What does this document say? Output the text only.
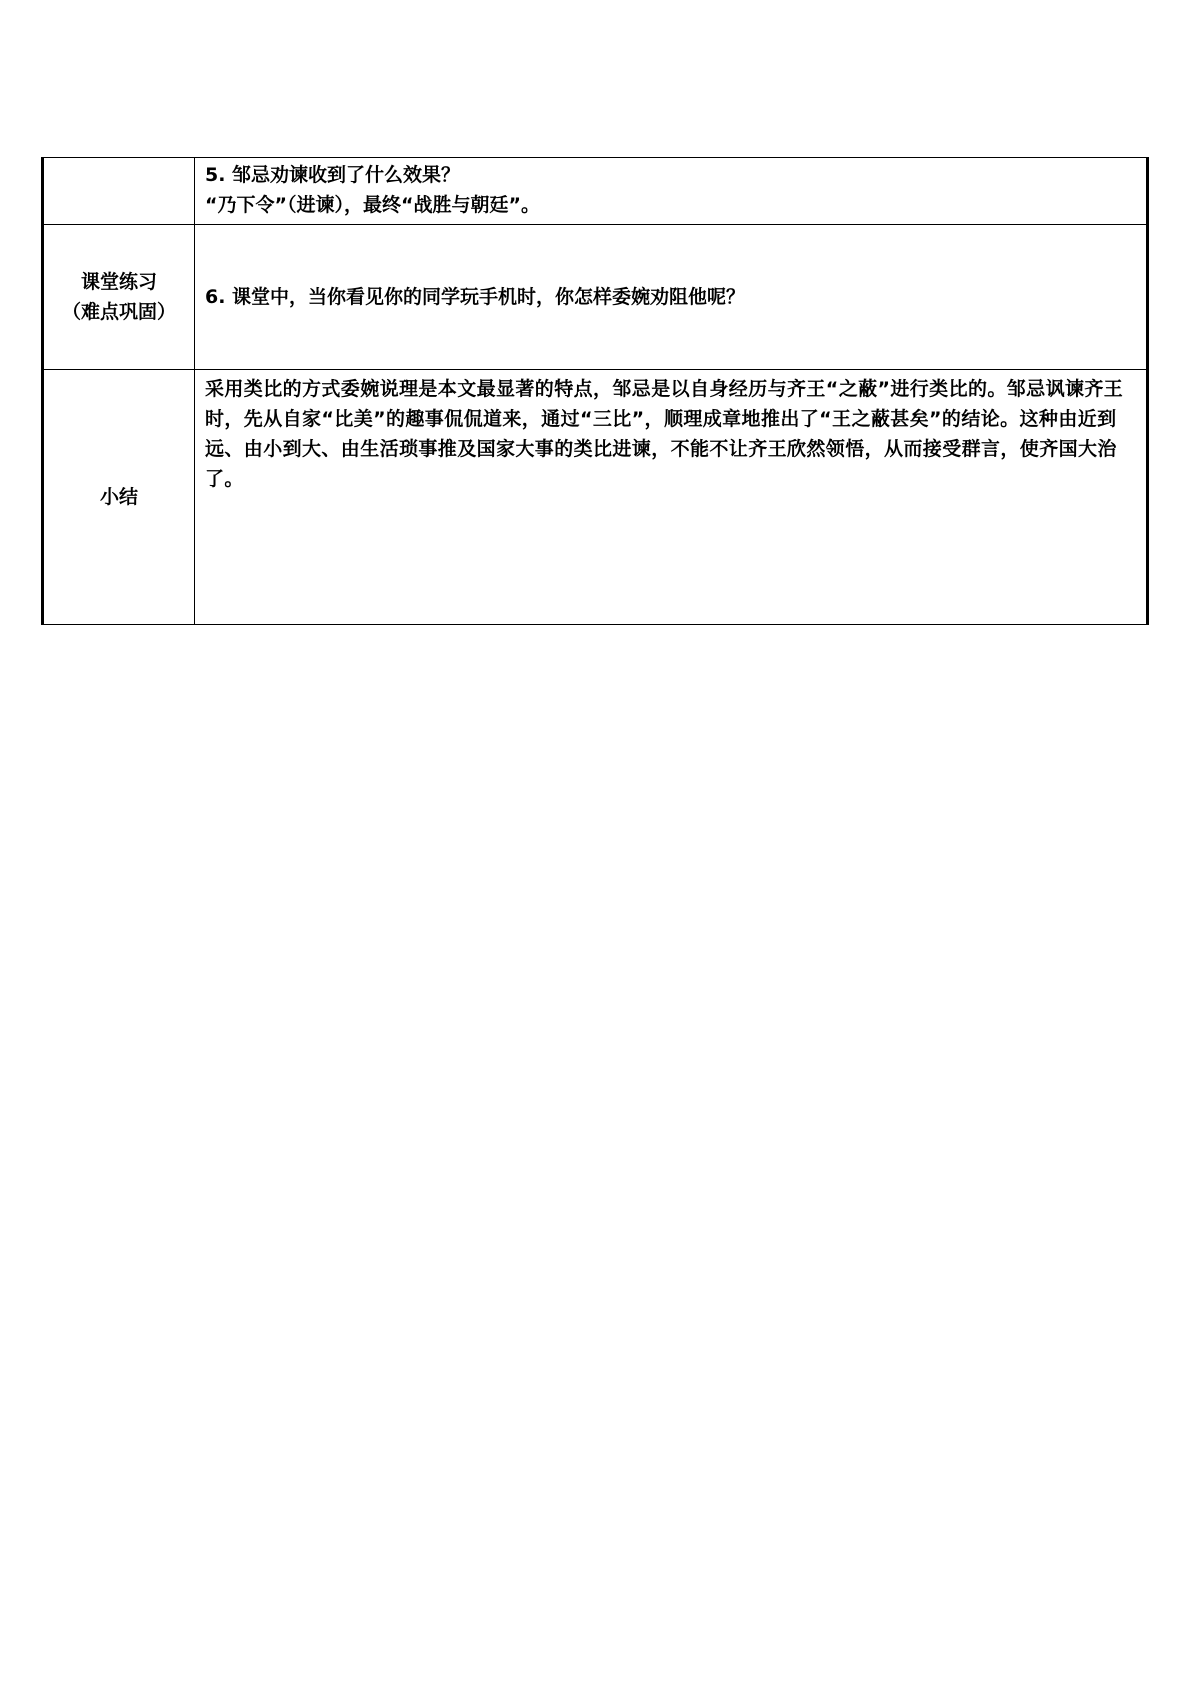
	5. 邹忌劝谏收到了什么效果？
“乃下令”（进谏），最终“战胜与朝廷”。

课堂练习
（难点巩固）	6. 课堂中，当你看见你的同学玩手机时，你怎样委婉劝阻他呢？
小结	采用类比的方式委婉说理是本文最显著的特点，邹忌是以自身经历与齐王“之蔽”进行类比的。邹忌讽谏齐王时，先从自家“比美”的趣事侃侃道来，通过“三比”，顺理成章地推出了“王之蔽甚矣”的结论。这种由近到远、由小到大、由生活琐事推及国家大事的类比进谏，不能不让齐王欣然领悟，从而接受群言，使齐国大治了。
